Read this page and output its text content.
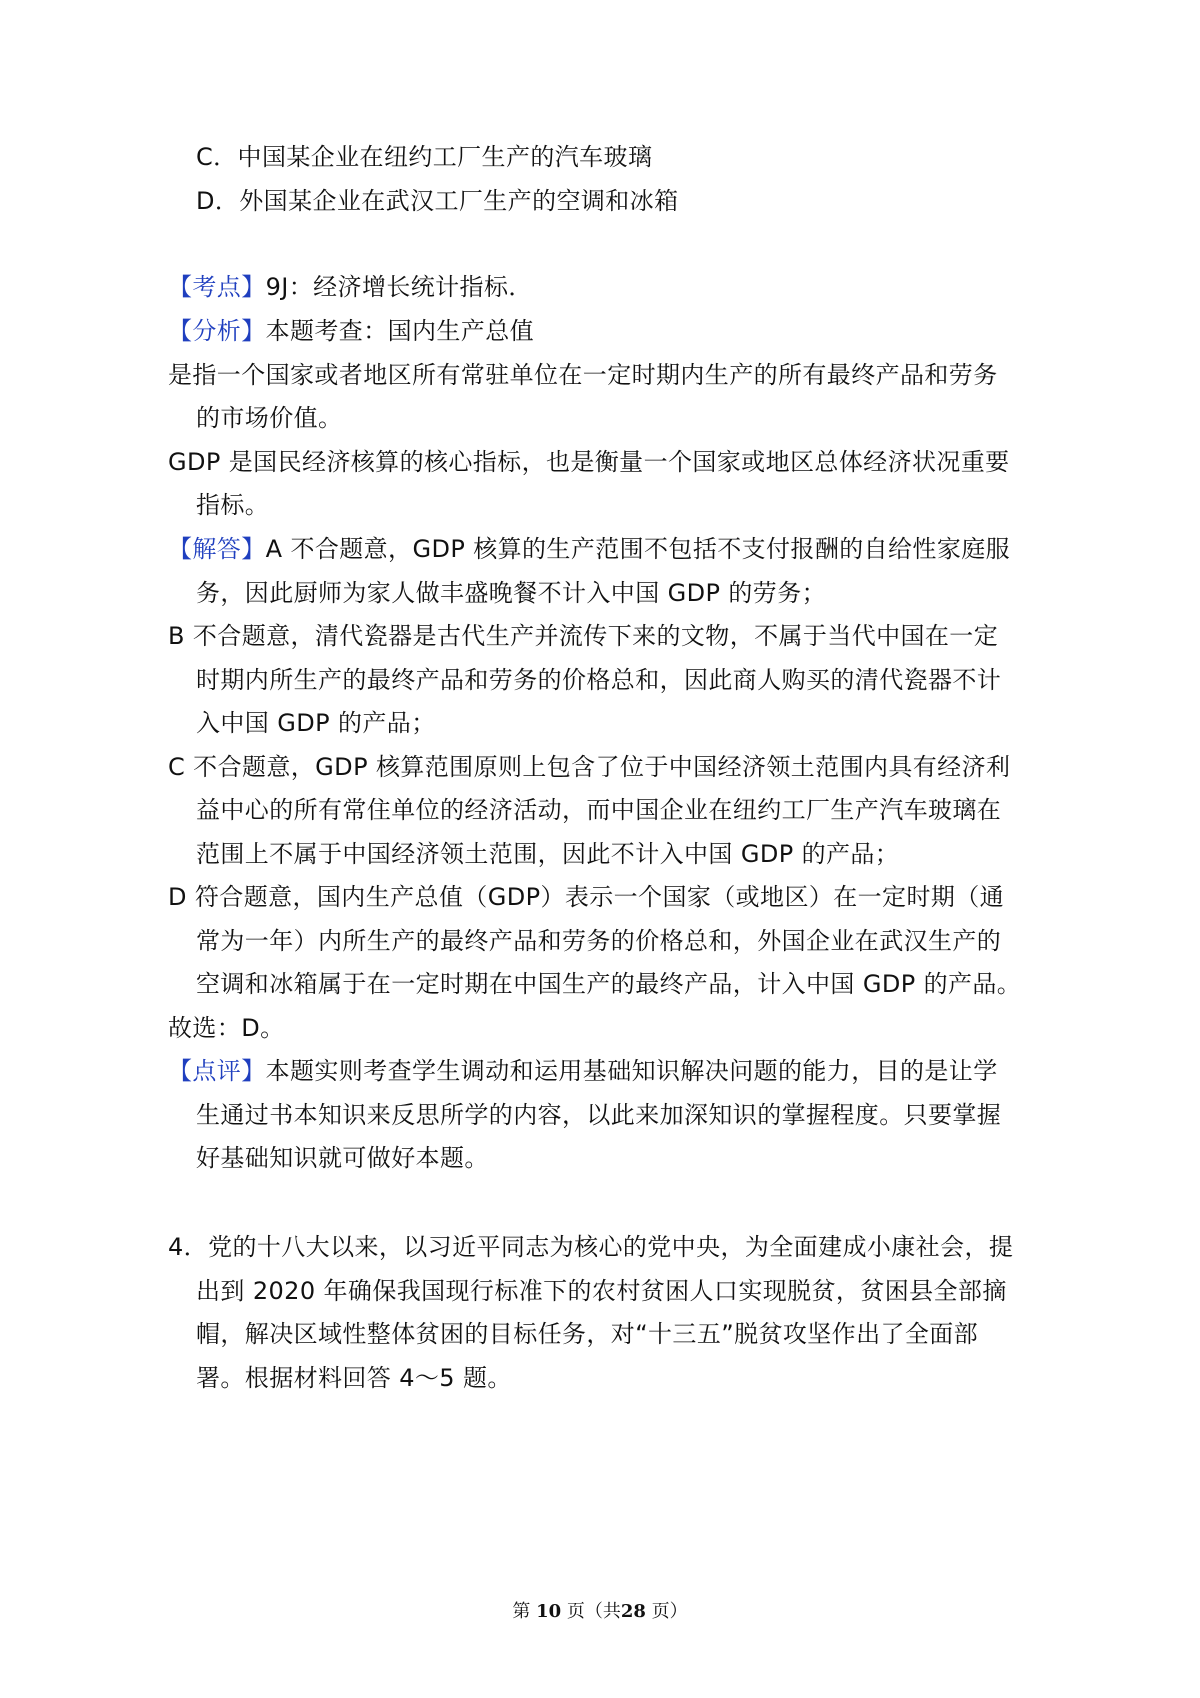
C．中国某企业在纽约工厂生产的汽车玻璃
D．外国某企业在武汉工厂生产的空调和冰箱
【考点】9J：经济增长统计指标．
【分析】本题考查：国内生产总值
是指一个国家或者地区所有常驻单位在一定时期内生产的所有最终产品和劳务
的市场价值。
GDP 是国民经济核算的核心指标，也是衡量一个国家或地区总体经济状况重要
指标。
【解答】A 不合题意，GDP 核算的生产范围不包括不支付报酬的自给性家庭服
务，因此厨师为家人做丰盛晚餐不计入中国 GDP 的劳务；
B 不合题意，清代瓷器是古代生产并流传下来的文物，不属于当代中国在一定
时期内所生产的最终产品和劳务的价格总和，因此商人购买的清代瓷器不计
入中国 GDP 的产品；
C 不合题意，GDP 核算范围原则上包含了位于中国经济领土范围内具有经济利
益中心的所有常住单位的经济活动，而中国企业在纽约工厂生产汽车玻璃在
范围上不属于中国经济领土范围，因此不计入中国 GDP 的产品；
D 符合题意，国内生产总值（GDP）表示一个国家（或地区）在一定时期（通
常为一年）内所生产的最终产品和劳务的价格总和，外国企业在武汉生产的
空调和冰箱属于在一定时期在中国生产的最终产品，计入中国 GDP 的产品。
故选：D。
【点评】本题实则考查学生调动和运用基础知识解决问题的能力，目的是让学
生通过书本知识来反思所学的内容，以此来加深知识的掌握程度。只要掌握
好基础知识就可做好本题。
4．党的十八大以来，以习近平同志为核心的党中央，为全面建成小康社会，提
出到 2020 年确保我国现行标准下的农村贫困人口实现脱贫，贫困县全部摘
帽，解决区域性整体贫困的目标任务，对“十三五”脱贫攻坚作出了全面部
署。根据材料回答 4～5 题。
第 10 页（共28 页）
